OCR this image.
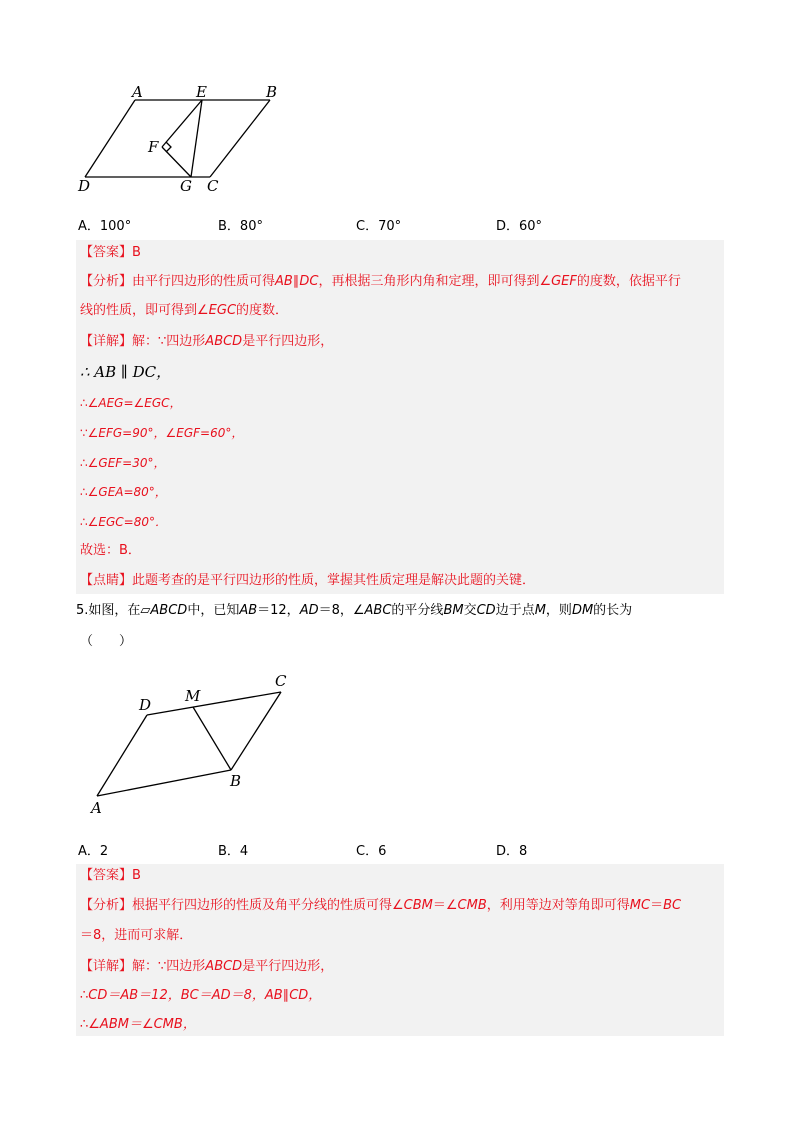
A	E	B
F
D	G C
A．100°	B．80°	C．70°	D．60°
【答案】B
【分析】由平行四边形的性质可得AB∥DC，再根据三角形内角和定理，即可得到∠GEF的度数，依据平行
线的性质，即可得到∠EGC的度数．
【详解】解：∵四边形ABCD是平行四边形，
∴ AB ∥ DC，
∴∠AEG=∠EGC，
∵∠EFG=90°，∠EGF=60°，
∴∠GEF=30°，
∴∠GEA=80°，
∴∠EGC=80°．
故选：B．
【点睛】此题考查的是平行四边形的性质，掌握其性质定理是解决此题的关键．
5.如图，在▱ABCD中，已知AB＝12，AD＝8，∠ABC的平分线BM交CD边于点M，则DM的长为
（　　）
D M
C
B
A
A．2	B．4	C．6	D．8
【答案】B
【分析】根据平行四边形的性质及角平分线的性质可得∠CBM＝∠CMB，利用等边对等角即可得MC＝BC
＝8，进而可求解．
【详解】解：∵四边形ABCD是平行四边形，
∴CD＝AB＝12，BC＝AD＝8，AB∥CD，
∴∠ABM＝∠CMB，
